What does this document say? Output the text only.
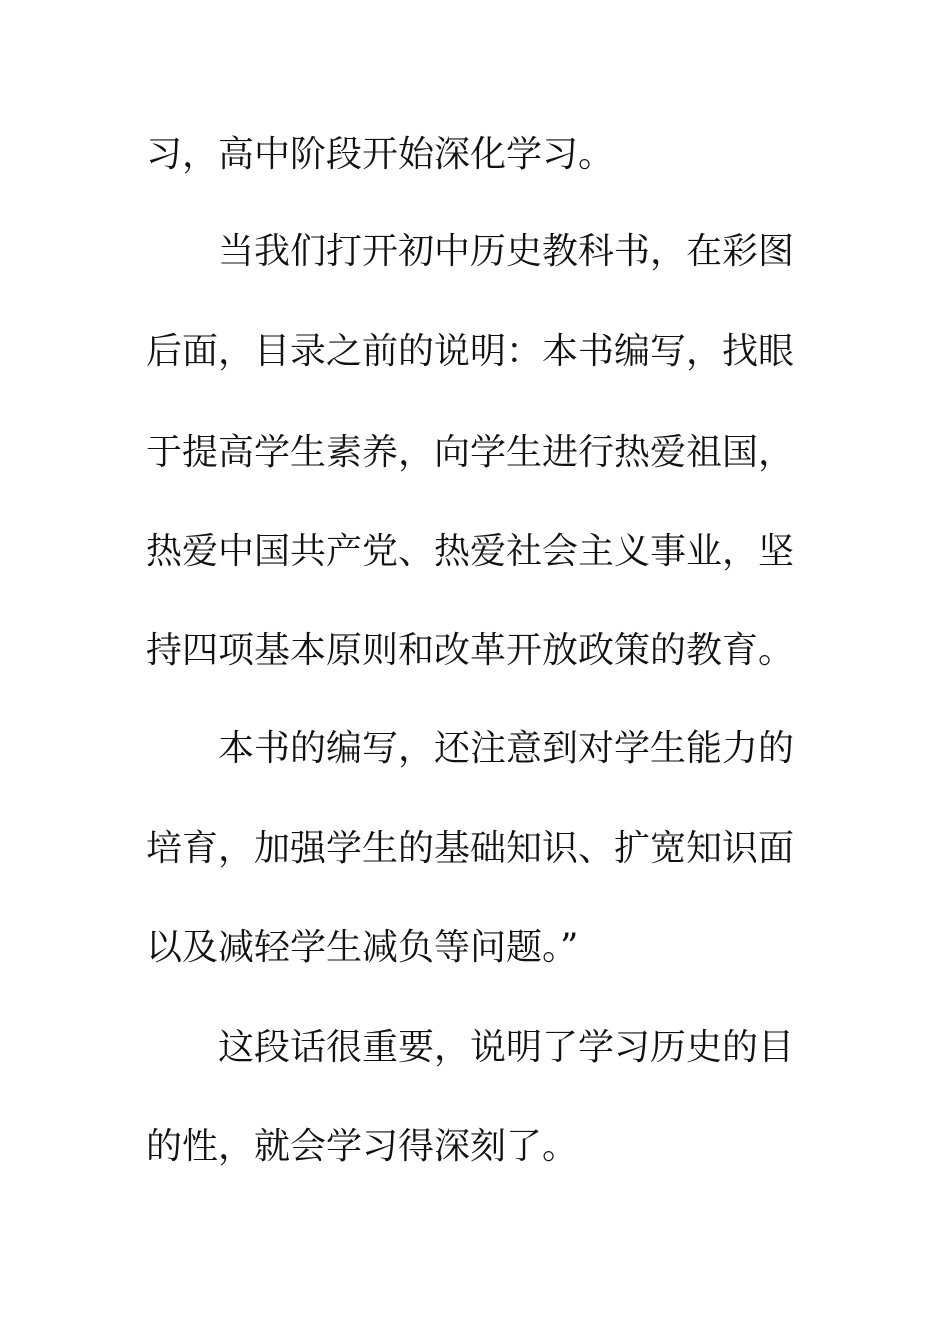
习，高中阶段开始深化学习。
当我们打开初中历史教科书，在彩图
后面，目录之前的说明：本书编写，找眼
于提高学生素养，向学生进行热爱祖国，
热爱中国共产党、热爱社会主义事业，坚
持四项基本原则和改革开放政策的教育。
本书的编写，还注意到对学生能力的
培育，加强学生的基础知识、扩宽知识面
以及减轻学生减负等问题。”
这段话很重要，说明了学习历史的目
的性，就会学习得深刻了。
